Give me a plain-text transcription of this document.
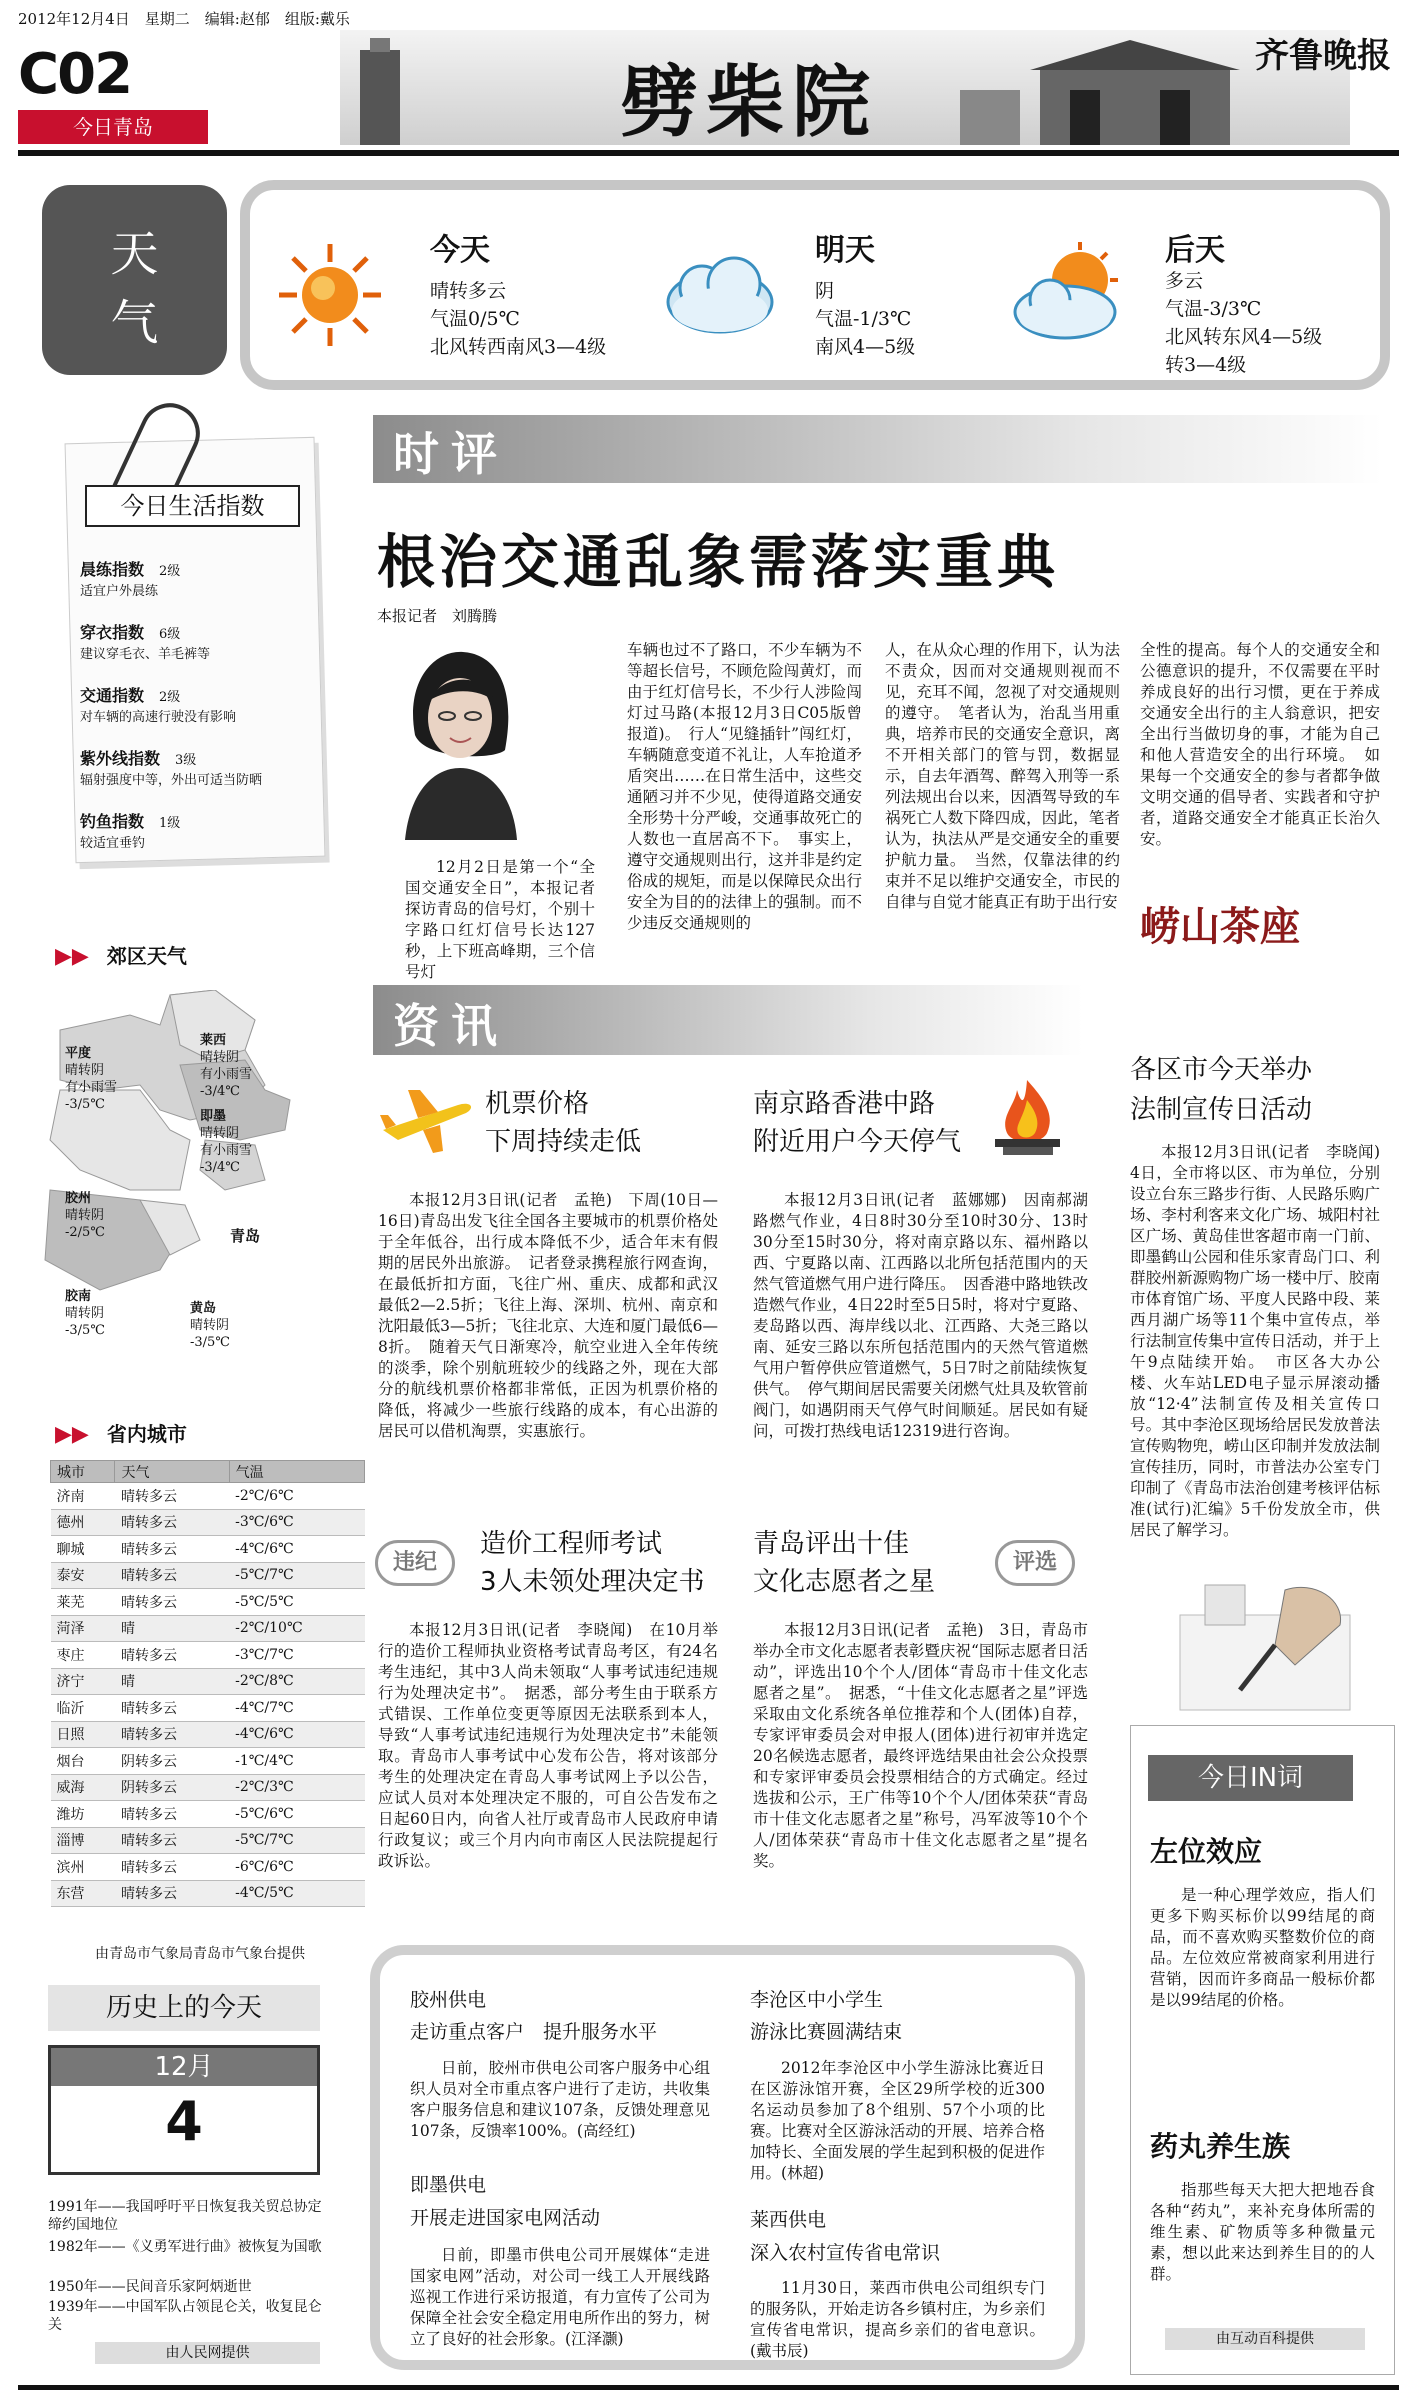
2012年12月4日　星期二　编辑:赵郁　组版:戴乐
C02
今日青岛	劈柴院
齐鲁晚报
天气
WEATHER
今天
晴转多云
气温0/5℃
北风转西南风3—4级
明天
阴
气温-1/3℃
南风4—5级
后天
多云
气温-3/3℃
北风转东风4—5级
转3—4级
今日生活指数
晨练指数　 2级
适宜户外晨练
穿衣指数　 6级
建议穿毛衣、羊毛裤等
交通指数　 2级
对车辆的高速行驶没有影响
紫外线指数　 3级
辐射强度中等，外出可适当防晒
钓鱼指数　 1级
较适宜垂钓
▶▶ 郊区天气
平度
晴转阴
有小雨雪
-3/5℃
莱西
晴转阴
有小雨雪
-3/4℃
即墨
晴转阴
有小雨雪
-3/4℃
胶州
晴转阴
-2/5℃	青岛
胶南
晴转阴
-3/5℃
黄岛
晴转阴
-3/5℃
▶▶ 省内城市
城市	天气	气温
济南	晴转多云	-2℃/6℃
德州	晴转多云	-3℃/6℃
聊城	晴转多云	-4℃/6℃
泰安	晴转多云	-5℃/7℃
莱芜	晴转多云	-5℃/5℃
菏泽	晴	-2℃/10℃
枣庄	晴转多云	-3℃/7℃
济宁	晴	-2℃/8℃
临沂	晴转多云	-4℃/7℃
日照	晴转多云	-4℃/6℃
烟台	阴转多云	-1℃/4℃
威海	阴转多云	-2℃/3℃
潍坊	晴转多云	-5℃/6℃
淄博	晴转多云	-5℃/7℃
滨州	晴转多云	-6℃/6℃
东营	晴转多云	-4℃/5℃
由青岛市气象局青岛市气象台提供
历史上的今天
12月
4
1991年——我国呼吁平日恢复我关贸总协定缔约国地位
1982年——《义勇军进行曲》被恢复为国歌
1950年——民间音乐家阿炳逝世
1939年——中国军队占领昆仑关，收复昆仑关
由人民网提供
时评
根治交通乱象需落实重典
本报记者　刘腾腾
12月2日是第一个“全国交通安全日”，本报记者探访青岛的信号灯，个别十字路口红灯信号长达127秒，上下班高峰期，三个信号灯
车辆也过不了路口，不少车辆为不等超长信号，不顾危险闯黄灯，而由于红灯信号长，不少行人涉险闯灯过马路(本报12月3日C05版曾报道)。　行人“见缝插针”闯红灯，车辆随意变道不礼让，人车抢道矛盾突出……在日常生活中，这些交通陋习并不少见，使得道路交通安全形势十分严峻，交通事故死亡的人数也一直居高不下。　事实上，遵守交通规则出行，这并非是约定俗成的规矩，而是以保障民众出行安全为目的的法律上的强制。而不少违反交通规则的
人，在从众心理的作用下，认为法不责众，因而对交通规则视而不见，充耳不闻，忽视了对交通规则的遵守。　笔者认为，治乱当用重典，培养市民的交通安全意识，离不开相关部门的管与罚，数据显示，自去年酒驾、醉驾入刑等一系列法规出台以来，因酒驾导致的车祸死亡人数下降四成，因此，笔者认为，执法从严是交通安全的重要护航力量。　当然，仅靠法律的约束并不足以维护交通安全，市民的自律与自觉才能真正有助于出行安
全性的提高。每个人的交通安全和公德意识的提升，不仅需要在平时养成良好的出行习惯，更在于养成交通安全出行的主人翁意识，把安全出行当做切身的事，才能为自己和他人营造安全的出行环境。　如果每一个交通安全的参与者都争做文明交通的倡导者、实践者和守护者，道路交通安全才能真正长治久安。
崂山茶座
资讯
机票价格
下周持续走低
本报12月3日讯(记者　孟艳)　下周(10日—16日)青岛出发飞往全国各主要城市的机票价格处于全年低谷，出行成本降低不少，适合年末有假期的居民外出旅游。　记者登录携程旅行网查询，在最低折扣方面，飞往广州、重庆、成都和武汉最低2—2.5折；飞往上海、深圳、杭州、南京和沈阳最低3—5折；飞往北京、大连和厦门最低6—8折。　随着天气日渐寒冷，航空业进入全年传统的淡季，除个别航班较少的线路之外，现在大部分的航线机票价格都非常低，正因为机票价格的降低，将减少一些旅行线路的成本，有心出游的居民可以借机淘票，实惠旅行。
南京路香港中路
附近用户今天停气
本报12月3日讯(记者　蓝娜娜)　因南郝湖路燃气作业，4日8时30分至10时30分、13时30分至15时30分，将对南京路以东、福州路以西、宁夏路以南、江西路以北所包括范围内的天然气管道燃气用户进行降压。　因香港中路地铁改造燃气作业，4日22时至5日5时，将对宁夏路、麦岛路以西、海岸线以北、江西路、大尧三路以南、延安三路以东所包括范围内的天然气管道燃气用户暂停供应管道燃气，5日7时之前陆续恢复供气。　停气期间居民需要关闭燃气灶具及软管前阀门，如遇阴雨天气停气时间顺延。居民如有疑问，可拨打热线电话12319进行咨询。
各区市今天举办
法制宣传日活动
本报12月3日讯(记者　李晓闻)　4日，全市将以区、市为单位，分别设立台东三路步行街、人民路乐购广场、李村利客来文化广场、城阳村社区广场、黄岛佳世客超市南一门前、即墨鹤山公园和佳乐家青岛门口、利群胶州新源购物广场一楼中厅、胶南市体育馆广场、平度人民路中段、莱西月湖广场等11个集中宣传点，举行法制宣传集中宣传日活动，并于上午9点陆续开始。　市区各大办公楼、火车站LED电子显示屏滚动播放“12·4”法制宣传及相关宣传口号。其中李沧区现场给居民发放普法宣传购物兜，崂山区印制并发放法制宣传挂历，同时，市普法办公室专门印制了《青岛市法治创建考核评估标准(试行)汇编》5千份发放全市，供居民了解学习。
违纪
造价工程师考试
3人未领处理决定书
本报12月3日讯(记者　李晓闻)　在10月举行的造价工程师执业资格考试青岛考区，有24名考生违纪，其中3人尚未领取“人事考试违纪违规行为处理决定书”。　据悉，部分考生由于联系方式错误、工作单位变更等原因无法联系到本人，导致“人事考试违纪违规行为处理决定书”未能领取。青岛市人事考试中心发布公告，将对该部分考生的处理决定在青岛人事考试网上予以公告，应试人员对本处理决定不服的，可自公告发布之日起60日内，向省人社厅或青岛市人民政府申请行政复议；或三个月内向市南区人民法院提起行政诉讼。
青岛评出十佳
文化志愿者之星
评选
本报12月3日讯(记者　孟艳)　3日，青岛市举办全市文化志愿者表彰暨庆祝“国际志愿者日活动”，评选出10个个人/团体“青岛市十佳文化志愿者之星”。　据悉，“十佳文化志愿者之星”评选采取由文化系统各单位推荐和个人(团体)自荐，专家评审委员会对申报人(团体)进行初审并选定20名候选志愿者，最终评选结果由社会公众投票和专家评审委员会投票相结合的方式确定。经过选拔和公示，王广伟等10个个人/团体荣获“青岛市十佳文化志愿者之星”称号，冯军波等10个个人/团体荣获“青岛市十佳文化志愿者之星”提名奖。
胶州供电
走访重点客户　提升服务水平
日前，胶州市供电公司客户服务中心组织人员对全市重点客户进行了走访，共收集客户服务信息和建议107条，反馈处理意见107条，反馈率100%。(高经红)
即墨供电
开展走进国家电网活动
日前，即墨市供电公司开展媒体“走进国家电网”活动，对公司一线工人开展线路巡视工作进行采访报道，有力宣传了公司为保障全社会安全稳定用电所作出的努力，树立了良好的社会形象。(江泽灏)
李沧区中小学生
游泳比赛圆满结束
2012年李沧区中小学生游泳比赛近日在区游泳馆开赛，全区29所学校的近300名运动员参加了8个组别、57个小项的比赛。比赛对全区游泳活动的开展、培养合格加特长、全面发展的学生起到积极的促进作用。(林超)
莱西供电
深入农村宣传省电常识
11月30日，莱西市供电公司组织专门的服务队，开始走访各乡镇村庄，为乡亲们宣传省电常识，提高乡亲们的省电意识。(戴书辰)
今日IN词
左位效应
是一种心理学效应，指人们更多下购买标价以99结尾的商品，而不喜欢购买整数价位的商品。左位效应常被商家利用进行营销，因而许多商品一般标价都是以99结尾的价格。
药丸养生族
指那些每天大把大把地吞食各种“药丸”，来补充身体所需的维生素、矿物质等多种微量元素，想以此来达到养生目的的人群。
由互动百科提供
